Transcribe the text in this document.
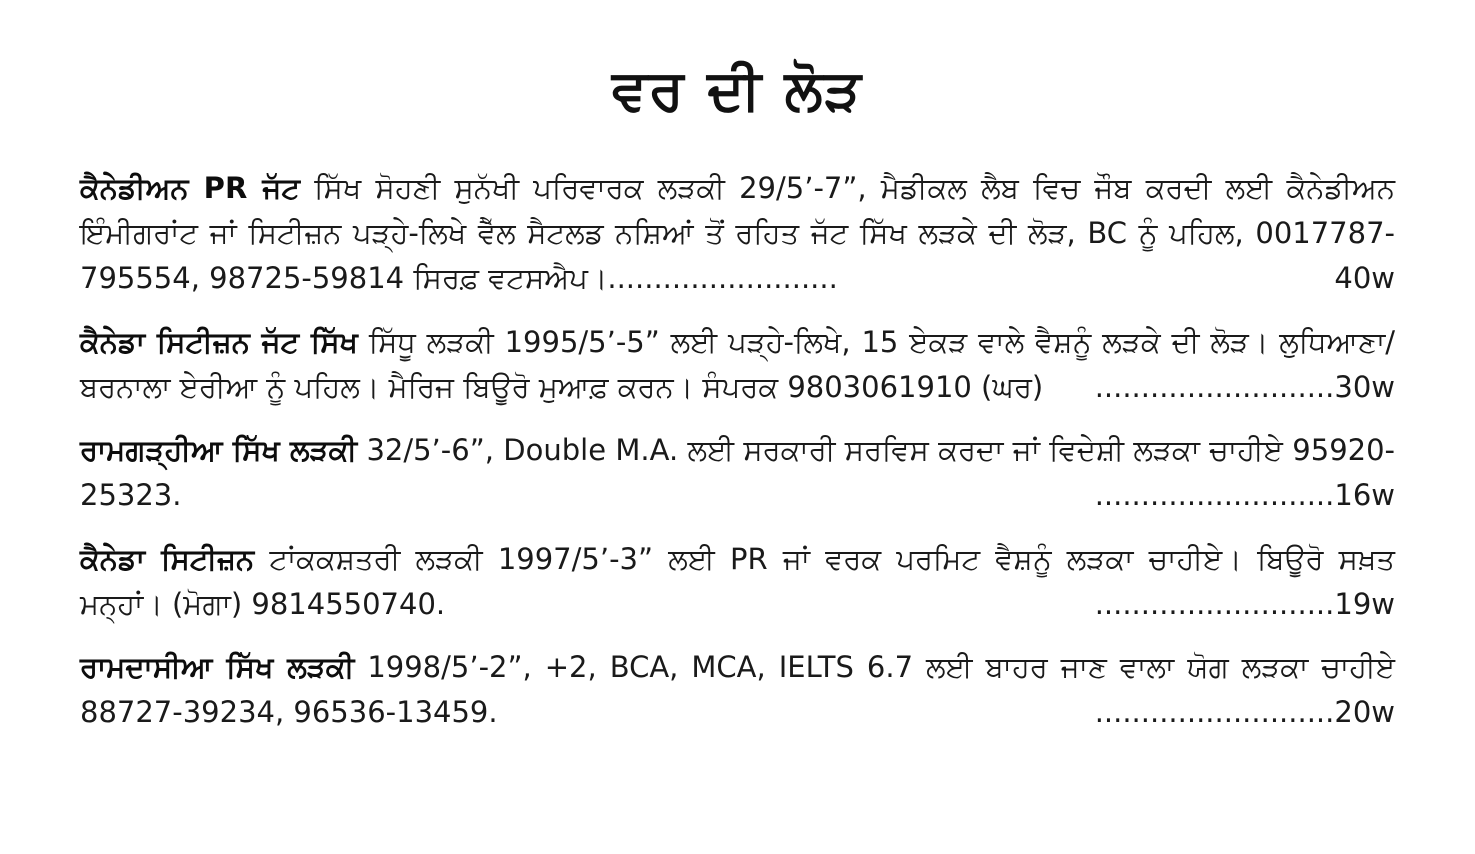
ਵਰ ਦੀ ਲੋੜ

ਕੈਨੇਡੀਅਨ PR ਜੱਟ ਸਿੱਖ ਸੋਹਣੀ ਸੁਨੱਖੀ ਪਰਿਵਾਰਕ ਲੜਕੀ 29/5’-7”, ਮੈਡੀਕਲ ਲੈਬ ਵਿਚ ਜੌਬ ਕਰਦੀ ਲਈ ਕੈਨੇਡੀਅਨ ਇੰਮੀਗਰਾਂਟ ਜਾਂ ਸਿਟੀਜ਼ਨ ਪੜ੍ਹੇ-ਲਿਖੇ ਵੈੱਲ ਸੈਟਲਡ ਨਸ਼ਿਆਂ ਤੋਂ ਰਹਿਤ ਜੱਟ ਸਿੱਖ ਲੜਕੇ ਦੀ ਲੋੜ, BC ਨੂੰ ਪਹਿਲ, 0017787-795554, 98725-59814 ਸਿਰਫ਼ ਵਟਸਐਪ।.........................	40w

ਕੈਨੇਡਾ ਸਿਟੀਜ਼ਨ ਜੱਟ ਸਿੱਖ ਸਿੱਧੂ ਲੜਕੀ 1995/5’-5” ਲਈ ਪੜ੍ਹੇ-ਲਿਖੇ, 15 ਏਕੜ ਵਾਲੇ ਵੈਸ਼ਨੂੰ ਲੜਕੇ ਦੀ ਲੋੜ। ਲੁਧਿਆਣਾ/ਬਰਨਾਲਾ ਏਰੀਆ ਨੂੰ ਪਹਿਲ। ਮੈਰਿਜ ਬਿਊਰੋ ਮੁਆਫ਼ ਕਰਨ। ਸੰਪਰਕ 9803061910 (ਘਰ) ..........................30w

ਰਾਮਗੜ੍ਹੀਆ ਸਿੱਖ ਲੜਕੀ 32/5’-6”, Double M.A. ਲਈ ਸਰਕਾਰੀ ਸਰਵਿਸ ਕਰਦਾ ਜਾਂ ਵਿਦੇਸ਼ੀ ਲੜਕਾ ਚਾਹੀਏ 95920-25323.	..........................16w

ਕੈਨੇਡਾ ਸਿਟੀਜ਼ਨ ਟਾਂਕਕਸ਼ਤਰੀ ਲੜਕੀ 1997/5’-3” ਲਈ PR ਜਾਂ ਵਰਕ ਪਰਮਿਟ ਵੈਸ਼ਨੂੰ ਲੜਕਾ ਚਾਹੀਏ। ਬਿਊਰੋ ਸਖ਼ਤ ਮਨ੍ਹਾਂ। (ਮੋਗਾ) 9814550740.	..........................19w

ਰਾਮਦਾਸੀਆ ਸਿੱਖ ਲੜਕੀ 1998/5’-2”, +2, BCA, MCA, IELTS 6.7 ਲਈ ਬਾਹਰ ਜਾਣ ਵਾਲਾ ਯੋਗ ਲੜਕਾ ਚਾਹੀਏ 88727-39234, 96536-13459.	..........................20w
